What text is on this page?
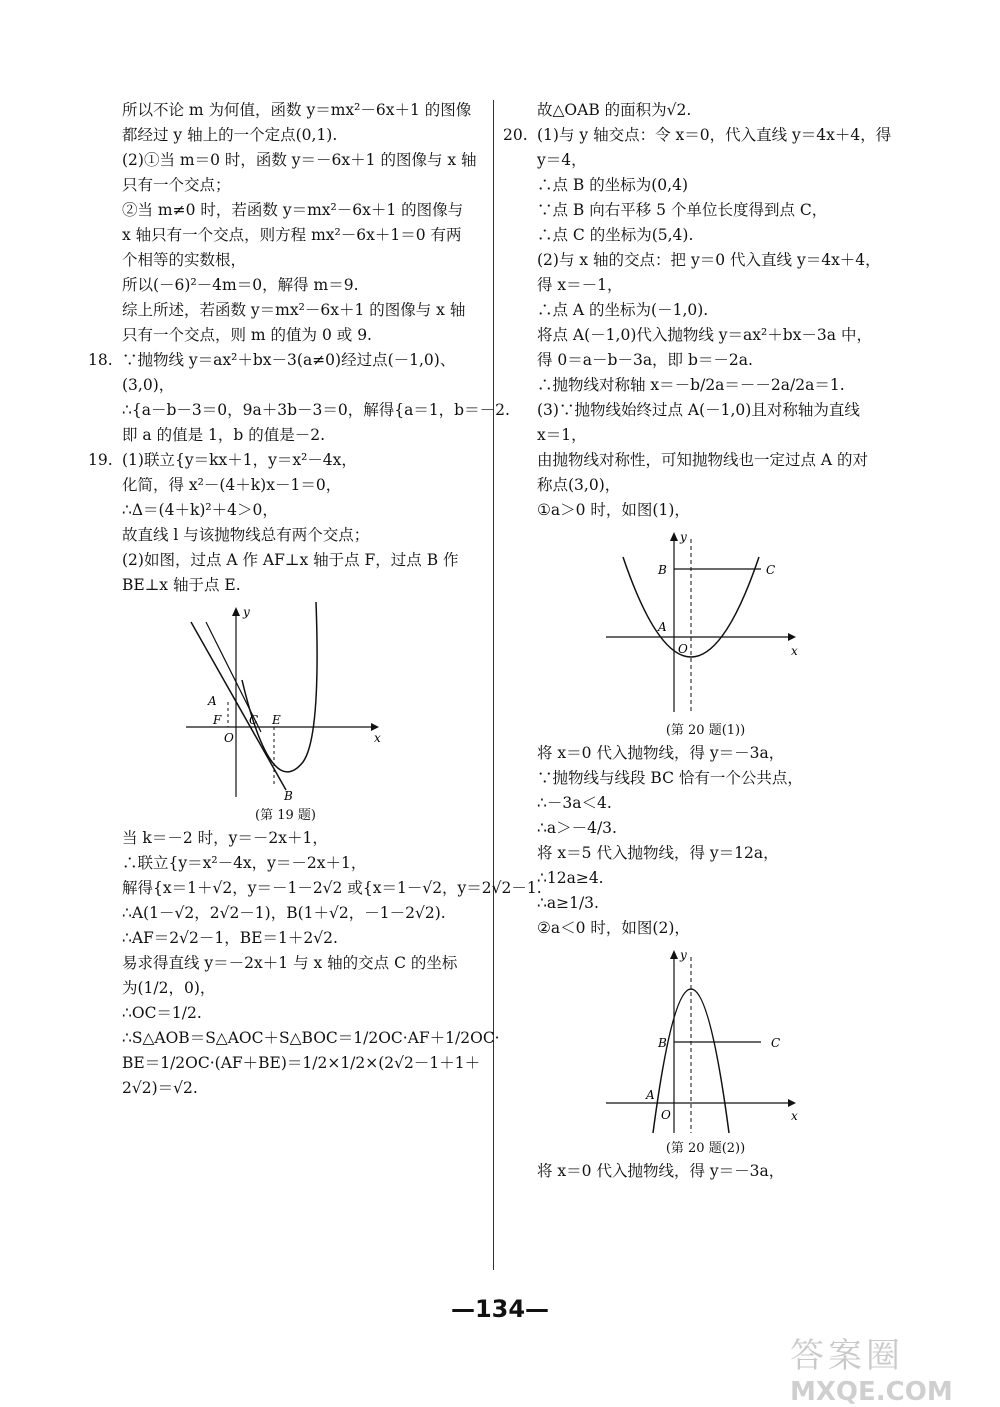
所以不论 m 为何值，函数 y＝mx²－6x＋1 的图像
都经过 y 轴上的一个定点(0,1).
(2)①当 m＝0 时，函数 y＝－6x＋1 的图像与 x 轴
只有一个交点；
②当 m≠0 时，若函数 y＝mx²－6x＋1 的图像与
x 轴只有一个交点，则方程 mx²－6x＋1＝0 有两
个相等的实数根，
所以(－6)²－4m＝0，解得 m＝9.
综上所述，若函数 y＝mx²－6x＋1 的图像与 x 轴
只有一个交点，则 m 的值为 0 或 9.
18. ∵抛物线 y＝ax²＋bx－3(a≠0)经过点(－1,0)、
(3,0)，
∴{a－b－3＝0，9a＋3b－3＝0，解得{a＝1，b＝－2.
即 a 的值是 1，b 的值是－2.
19. (1)联立{y＝kx＋1，y＝x²－4x，
化简，得 x²－(4＋k)x－1＝0，
∴Δ＝(4＋k)²＋4＞0，
故直线 l 与该抛物线总有两个交点；
(2)如图，过点 A 作 AF⊥x 轴于点 F，过点 B 作
BE⊥x 轴于点 E.
y
x
A
F
O
C E
B
(第 19 题)
当 k＝－2 时，y＝－2x＋1，
∴联立{y＝x²－4x，y＝－2x＋1，
解得{x＝1＋√2，y＝－1－2√2 或{x＝1－√2，y＝2√2－1.
∴A(1－√2，2√2－1)，B(1＋√2，－1－2√2).
∴AF＝2√2－1，BE＝1＋2√2.
易求得直线 y＝－2x＋1 与 x 轴的交点 C 的坐标
为(1/2，0)，
∴OC＝1/2.
∴S△AOB＝S△AOC＋S△BOC＝1/2OC·AF＋1/2OC·
BE＝1/2OC·(AF＋BE)＝1/2×1/2×(2√2－1＋1＋
2√2)＝√2.
故△OAB 的面积为√2.
20. (1)与 y 轴交点：令 x＝0，代入直线 y＝4x＋4，得
y＝4，
∴点 B 的坐标为(0,4)
∵点 B 向右平移 5 个单位长度得到点 C，
∴点 C 的坐标为(5,4).
(2)与 x 轴的交点：把 y＝0 代入直线 y＝4x＋4，
得 x＝－1，
∴点 A 的坐标为(－1,0).
将点 A(－1,0)代入抛物线 y＝ax²＋bx－3a 中，
得 0＝a－b－3a，即 b＝－2a.
∴抛物线对称轴 x＝－b/2a＝－－2a/2a＝1.
(3)∵抛物线始终过点 A(－1,0)且对称轴为直线
x＝1，
由抛物线对称性，可知抛物线也一定过点 A 的对
称点(3,0)，
①a＞0 时，如图(1)，
y
x
B	C
A
O
(第 20 题(1))
将 x＝0 代入抛物线，得 y＝－3a，
∵抛物线与线段 BC 恰有一个公共点，
∴－3a＜4.
∴a＞－4/3.
将 x＝5 代入抛物线，得 y＝12a，
∴12a≥4.
∴a≥1/3.
②a＜0 时，如图(2)，
y
x
B	C
A
O
(第 20 题(2))
将 x＝0 代入抛物线，得 y＝－3a，
—134—
答案圈
MXQE.COM
